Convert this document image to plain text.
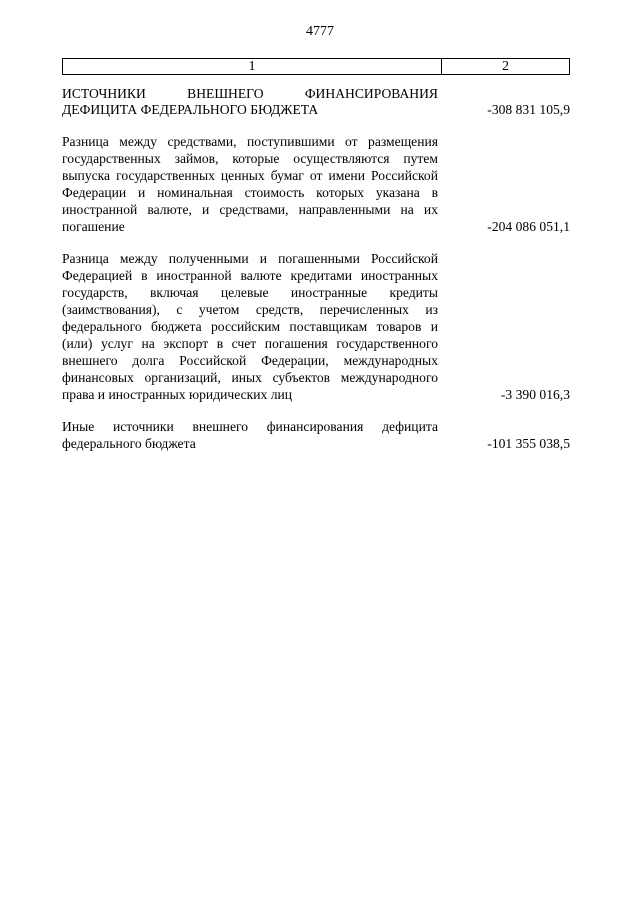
4777
1	2
ИСТОЧНИКИ ВНЕШНЕГО ФИНАНСИРОВАНИЯ ДЕФИЦИТА ФЕДЕРАЛЬНОГО БЮДЖЕТА	-308 831 105,9
Разница между средствами, поступившими от размещения государственных займов, которые осуществляются путем выпуска государственных ценных бумаг от имени Российской Федерации и номинальная стоимость которых указана в иностранной валюте, и средствами, направленными на их погашение	-204 086 051,1
Разница между полученными и погашенными Российской Федерацией в иностранной валюте кредитами иностранных государств, включая целевые иностранные кредиты (заимствования), с учетом средств, перечисленных из федерального бюджета российским поставщикам товаров и (или) услуг на экспорт в счет погашения государственного внешнего долга Российской Федерации, международных финансовых организаций, иных субъектов международного права и иностранных юридических лиц	-3 390 016,3
Иные источники внешнего финансирования дефицита федерального бюджета	-101 355 038,5
